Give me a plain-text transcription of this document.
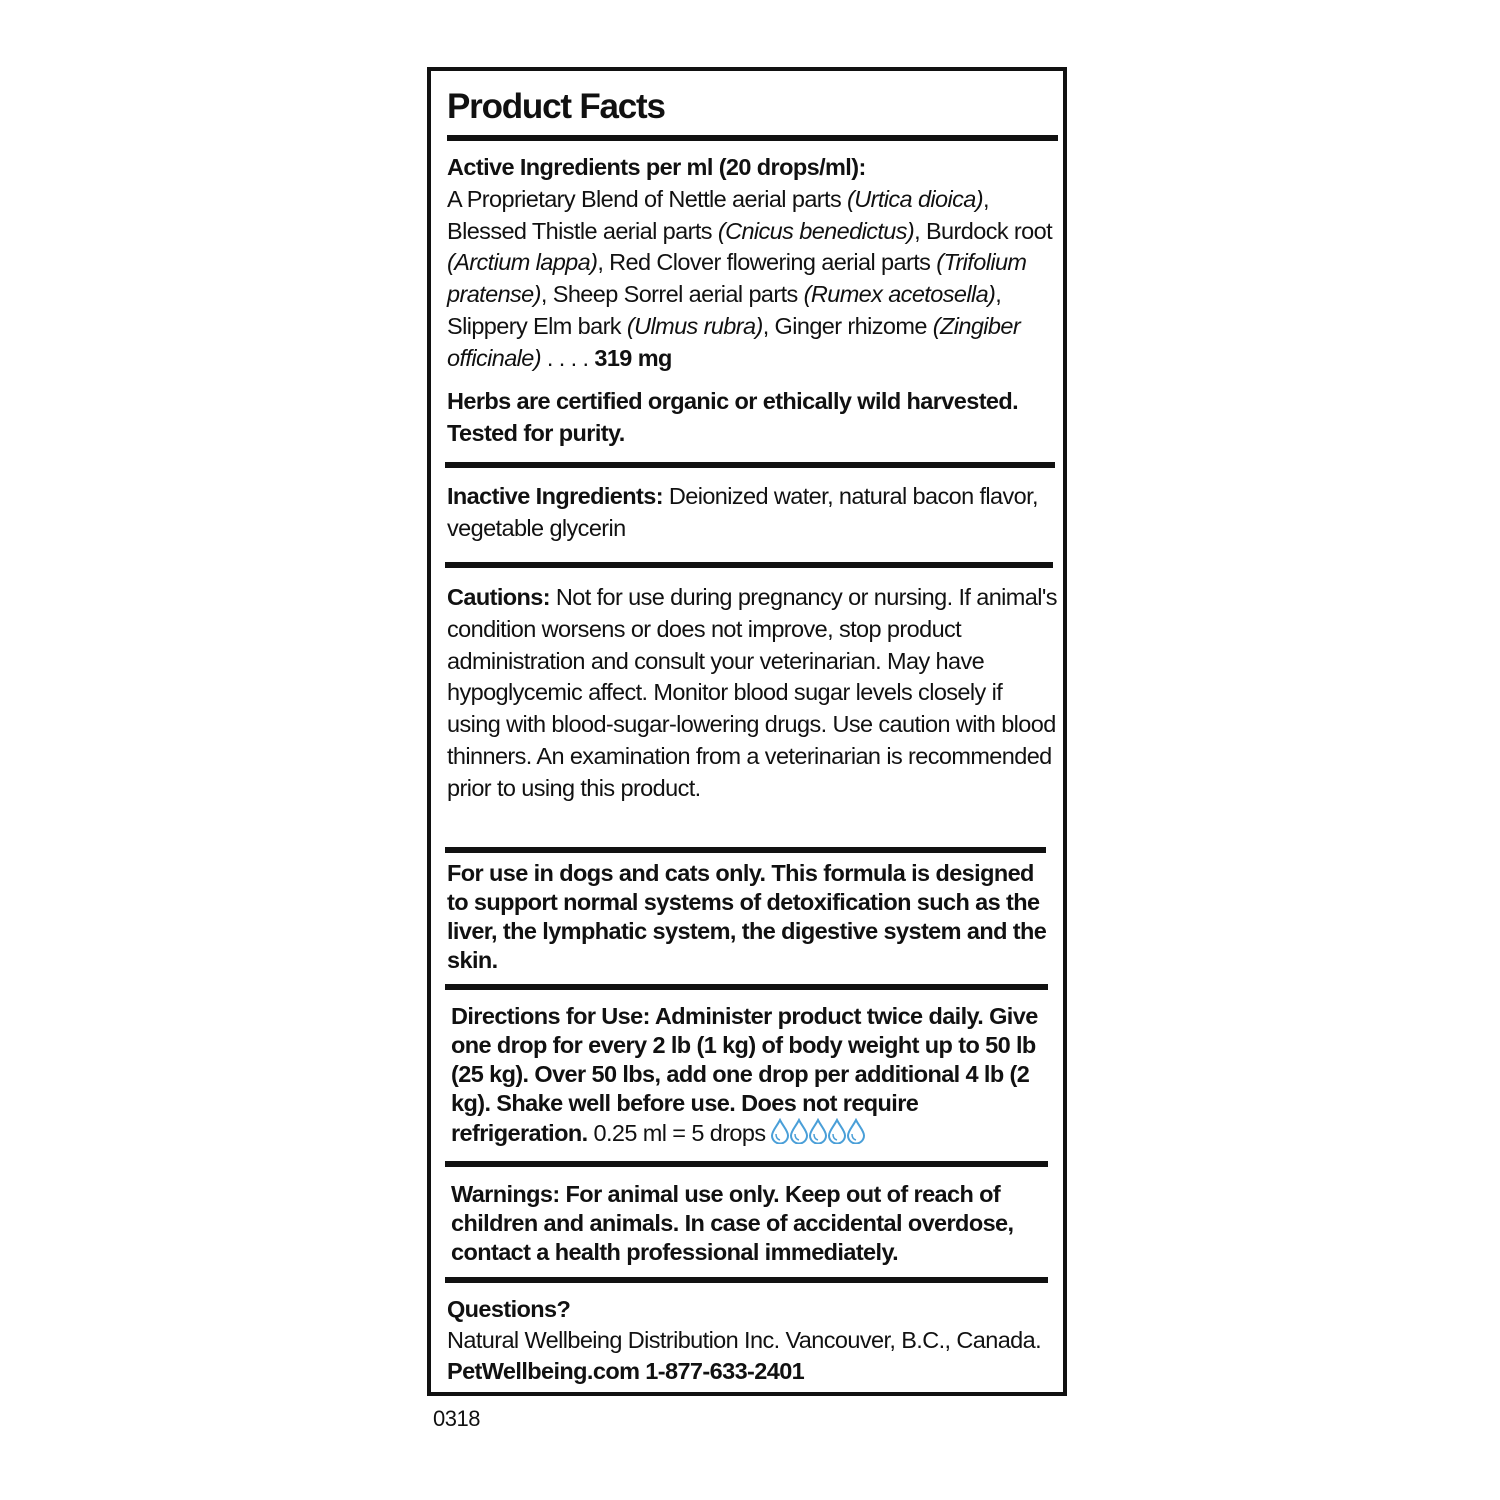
Product Facts
Active Ingredients per ml (20 drops/ml):
A Proprietary Blend of Nettle aerial parts (Urtica dioica), Blessed Thistle aerial parts (Cnicus benedictus), Burdock root (Arctium lappa), Red Clover flowering aerial parts (Trifolium pratense), Sheep Sorrel aerial parts (Rumex acetosella), Slippery Elm bark (Ulmus rubra), Ginger rhizome (Zingiber officinale) . . . . 319 mg
Herbs are certified organic or ethically wild harvested. Tested for purity.
Inactive Ingredients: Deionized water, natural bacon flavor, vegetable glycerin
Cautions: Not for use during pregnancy or nursing. If animal's condition worsens or does not improve, stop product administration and consult your veterinarian. May have hypoglycemic affect. Monitor blood sugar levels closely if using with blood-sugar-lowering drugs. Use caution with blood thinners. An examination from a veterinarian is recommended prior to using this product.
For use in dogs and cats only. This formula is designed to support normal systems of detoxification such as the liver, the lymphatic system, the digestive system and the skin.
Directions for Use: Administer product twice daily. Give one drop for every 2 lb (1 kg) of body weight up to 50 lb (25 kg). Over 50 lbs, add one drop per additional 4 lb (2 kg). Shake well before use. Does not require refrigeration. 0.25 ml = 5 drops
Warnings: For animal use only. Keep out of reach of children and animals. In case of accidental overdose, contact a health professional immediately.
Questions?
Natural Wellbeing Distribution Inc. Vancouver, B.C., Canada.
PetWellbeing.com 1-877-633-2401
0318
